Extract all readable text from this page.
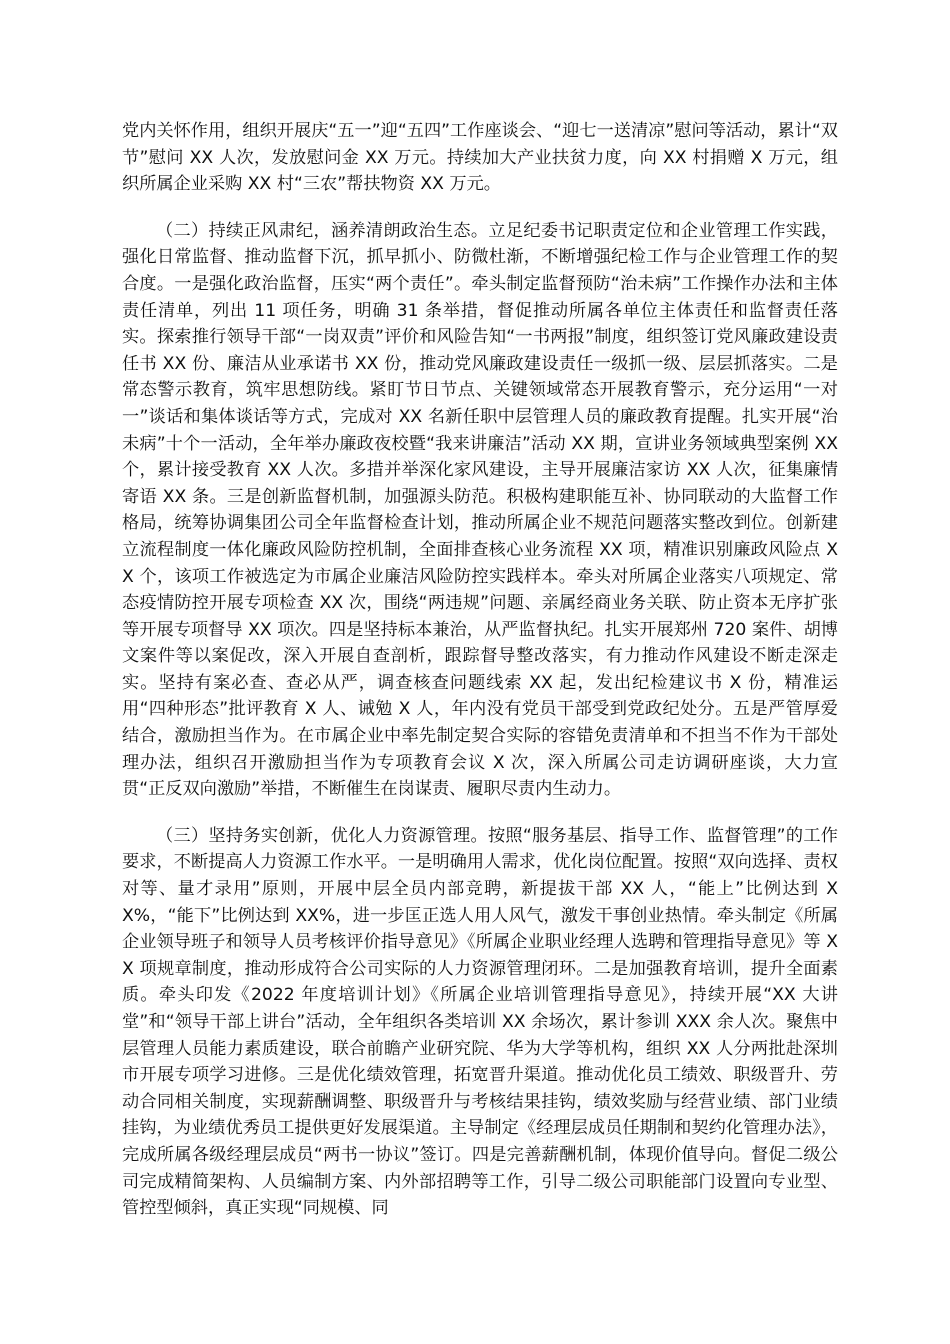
党内关怀作用，组织开展庆“五一”迎“五四”工作座谈会、“迎七一送清凉”慰问等活动，累计“双节”慰问 XX 人次，发放慰问金 XX 万元。持续加大产业扶贫力度，向 XX 村捐赠 X 万元，组织所属企业采购 XX 村“三农”帮扶物资 XX 万元。

（二）持续正风肃纪，涵养清朗政治生态。立足纪委书记职责定位和企业管理工作实践，强化日常监督、推动监督下沉，抓早抓小、防微杜渐，不断增强纪检工作与企业管理工作的契合度。一是强化政治监督，压实“两个责任”。牵头制定监督预防“治未病”工作操作办法和主体责任清单，列出 11 项任务，明确 31 条举措，督促推动所属各单位主体责任和监督责任落实。探索推行领导干部“一岗双责”评价和风险告知“一书两报”制度，组织签订党风廉政建设责任书 XX 份、廉洁从业承诺书 XX 份，推动党风廉政建设责任一级抓一级、层层抓落实。二是常态警示教育，筑牢思想防线。紧盯节日节点、关键领域常态开展教育警示，充分运用“一对一”谈话和集体谈话等方式，完成对 XX 名新任职中层管理人员的廉政教育提醒。扎实开展“治未病”十个一活动，全年举办廉政夜校暨“我来讲廉洁”活动 XX 期，宣讲业务领域典型案例 XX 个，累计接受教育 XX 人次。多措并举深化家风建设，主导开展廉洁家访 XX 人次，征集廉情寄语 XX 条。三是创新监督机制，加强源头防范。积极构建职能互补、协同联动的大监督工作格局，统筹协调集团公司全年监督检查计划，推动所属企业不规范问题落实整改到位。创新建立流程制度一体化廉政风险防控机制，全面排查核心业务流程 XX 项，精准识别廉政风险点 XX 个，该项工作被选定为市属企业廉洁风险防控实践样本。牵头对所属企业落实八项规定、常态疫情防控开展专项检查 XX 次，围绕“两违规”问题、亲属经商业务关联、防止资本无序扩张等开展专项督导 XX 项次。四是坚持标本兼治，从严监督执纪。扎实开展郑州 720 案件、胡博文案件等以案促改，深入开展自查剖析，跟踪督导整改落实，有力推动作风建设不断走深走实。坚持有案必查、查必从严，调查核查问题线索 XX 起，发出纪检建议书 X 份，精准运用“四种形态”批评教育 X 人、诫勉 X 人，年内没有党员干部受到党政纪处分。五是严管厚爱结合，激励担当作为。在市属企业中率先制定契合实际的容错免责清单和不担当不作为干部处理办法，组织召开激励担当作为专项教育会议 X 次，深入所属公司走访调研座谈，大力宣贯“正反双向激励”举措，不断催生在岗谋责、履职尽责内生动力。

（三）坚持务实创新，优化人力资源管理。按照“服务基层、指导工作、监督管理”的工作要求，不断提高人力资源工作水平。一是明确用人需求，优化岗位配置。按照“双向选择、责权对等、量才录用”原则，开展中层全员内部竞聘，新提拔干部 XX 人，“能上”比例达到 XX%，“能下”比例达到 XX%，进一步匡正选人用人风气，激发干事创业热情。牵头制定《所属企业领导班子和领导人员考核评价指导意见》《所属企业职业经理人选聘和管理指导意见》等 XX 项规章制度，推动形成符合公司实际的人力资源管理闭环。二是加强教育培训，提升全面素质。牵头印发《2022 年度培训计划》《所属企业培训管理指导意见》，持续开展“XX 大讲堂”和“领导干部上讲台”活动，全年组织各类培训 XX 余场次，累计参训 XXX 余人次。聚焦中层管理人员能力素质建设，联合前瞻产业研究院、华为大学等机构，组织 XX 人分两批赴深圳市开展专项学习进修。三是优化绩效管理，拓宽晋升渠道。推动优化员工绩效、职级晋升、劳动合同相关制度，实现薪酬调整、职级晋升与考核结果挂钩，绩效奖励与经营业绩、部门业绩挂钩，为业绩优秀员工提供更好发展渠道。主导制定《经理层成员任期制和契约化管理办法》，完成所属各级经理层成员“两书一协议”签订。四是完善薪酬机制，体现价值导向。督促二级公司完成精简架构、人员编制方案、内外部招聘等工作，引导二级公司职能部门设置向专业型、管控型倾斜，真正实现“同规模、同
